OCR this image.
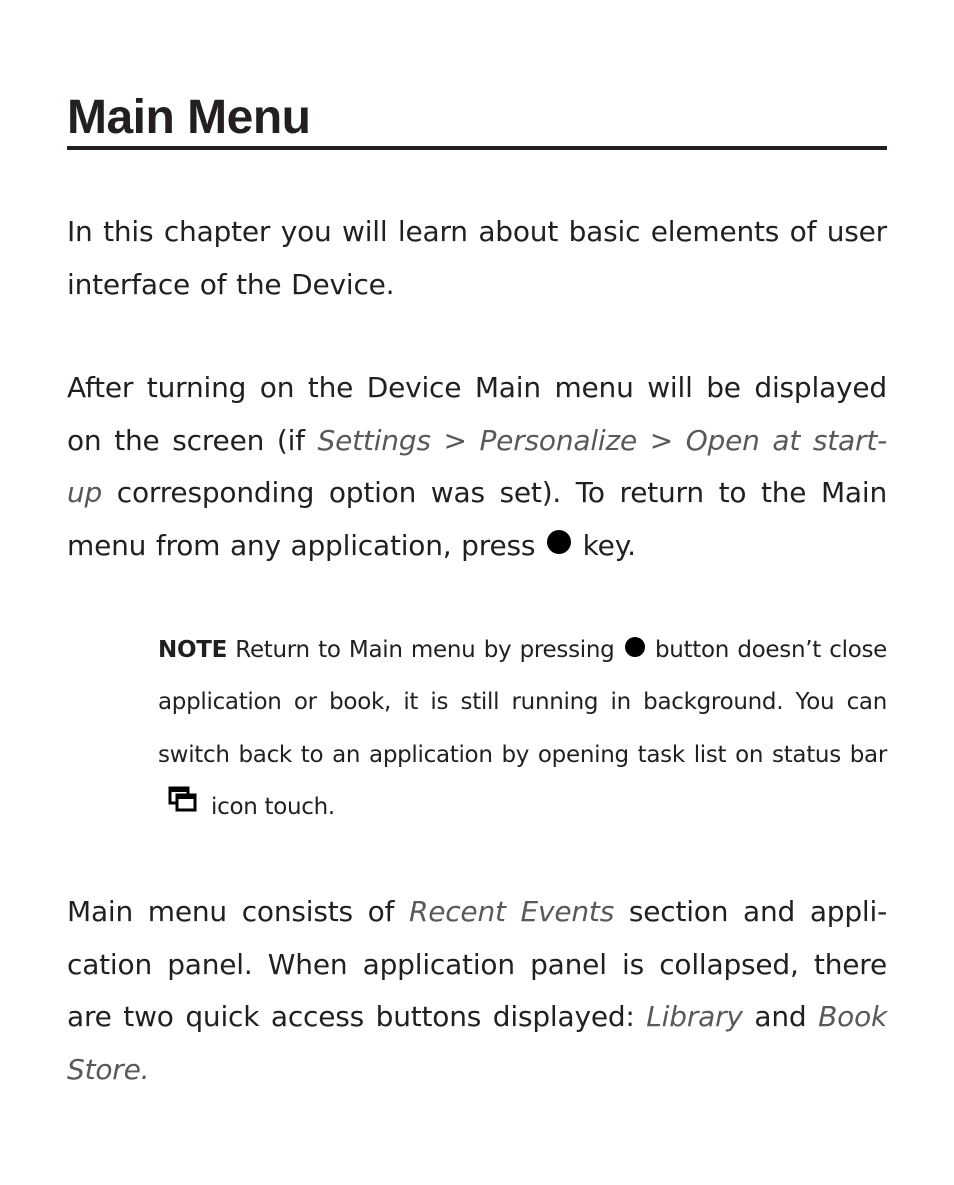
Main Menu

In this chapter you will learn about basic elements of user interface of the Device.

After turning on the Device Main menu will be displayed on the screen (if Settings > Personalize > Open at start-up corresponding option was set). To return to the Main menu from any application, press  key.

NOTE Return to Main menu by pressing  button doesn’t close application or book, it is still running in background. You can switch back to an application by opening task list on status bar  icon touch.

Main menu consists of Recent Events section and appli-cation panel. When application panel is collapsed, there are two quick access buttons displayed: Library and Book Store.
